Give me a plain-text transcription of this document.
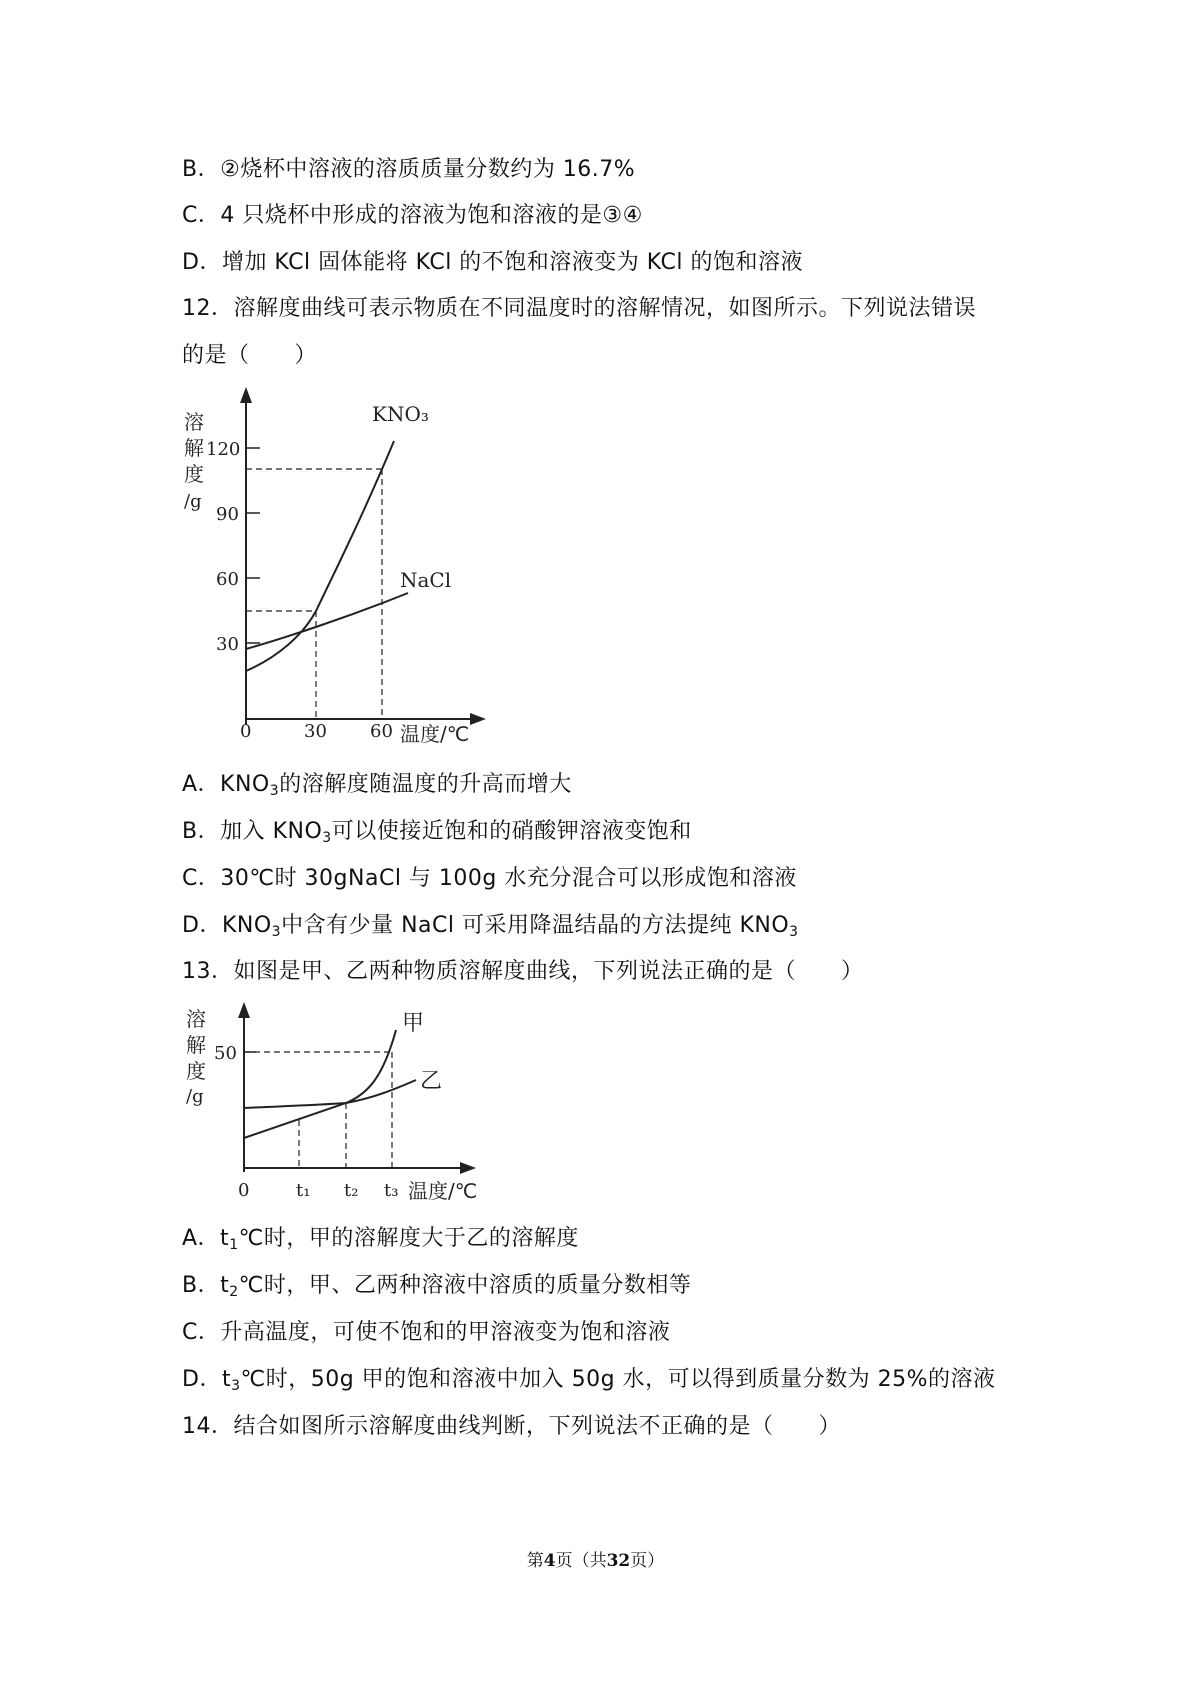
B．②烧杯中溶液的溶质质量分数约为 16.7%
C．4 只烧杯中形成的溶液为饱和溶液的是③④
D．增加 KCl 固体能将 KCl 的不饱和溶液变为 KCl 的饱和溶液
12．溶解度曲线可表示物质在不同温度时的溶解情况，如图所示。下列说法错误
的是（　　）
溶
解
度
/g
120
90
60
30
0	30 60 温度/℃
KNO₃
NaCl
A．$KNO_3$的溶解度随温度的升高而增大
B．加入 $KNO_3$可以使接近饱和的硝酸钾溶液变饱和
C．30℃时 30gNaCl 与 100g 水充分混合可以形成饱和溶液
D．$KNO_3$中含有少量 NaCl 可采用降温结晶的方法提纯 $KNO_3$
13．如图是甲、乙两种物质溶解度曲线，下列说法正确的是（　　）
50
溶
解
度
/g
0	t₁ t₂ t₃ 温度/℃
甲
乙
A．$t_1℃$时，甲的溶解度大于乙的溶解度
B．$t_2℃$时，甲、乙两种溶液中溶质的质量分数相等
C．升高温度，可使不饱和的甲溶液变为饱和溶液
D．$t_3℃$时，50g 甲的饱和溶液中加入 50g 水，可以得到质量分数为 25%的溶液
14．结合如图所示溶解度曲线判断，下列说法不正确的是（　　）
第4页（共32页）
